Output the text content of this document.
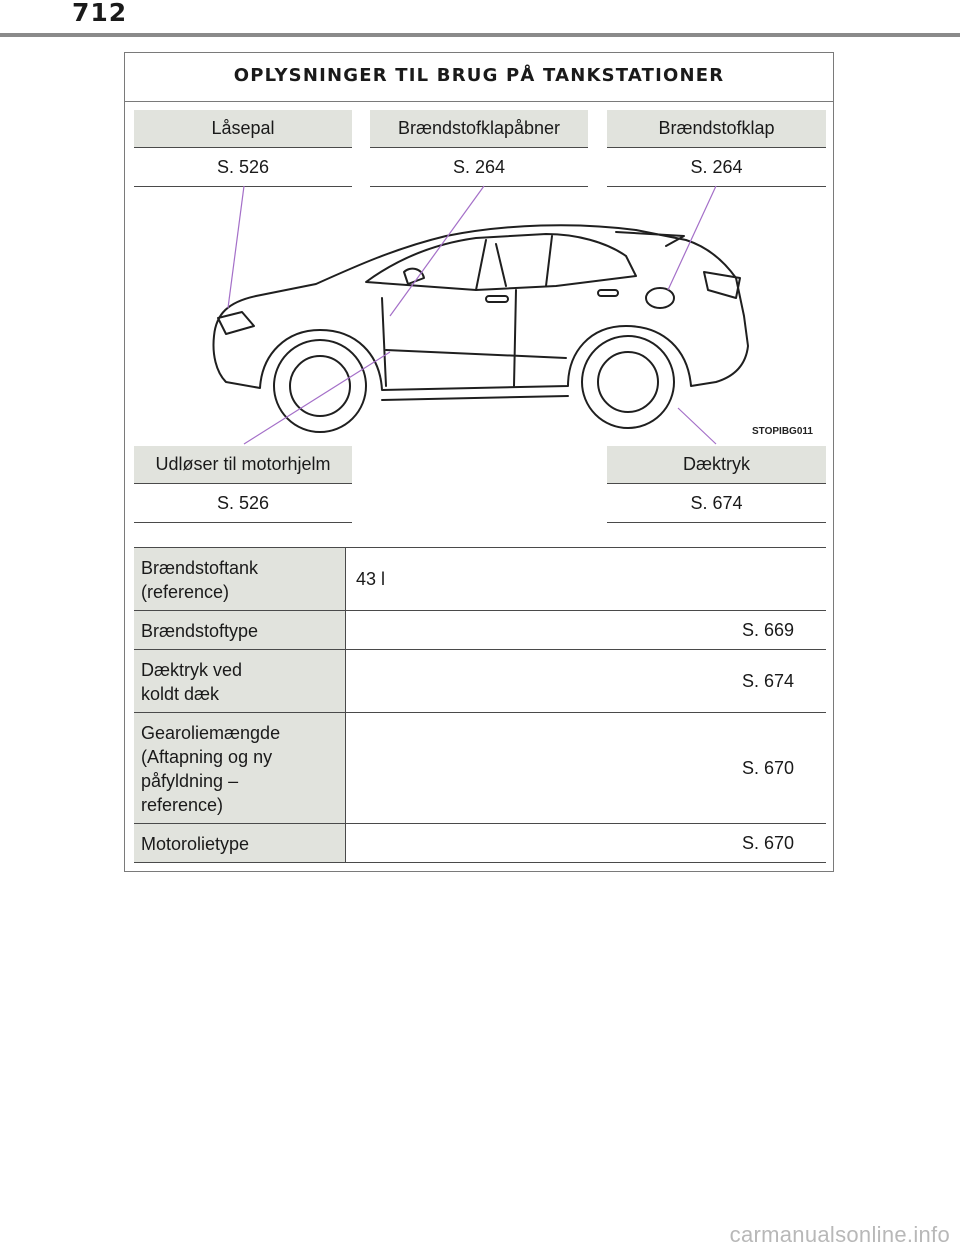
712
OPLYSNINGER TIL BRUG PÅ TANKSTATIONER
Låsepal
S. 526
Brændstofklapåbner
S. 264
Brændstofklap
S. 264
STOPIBG011
Udløser til motorhjelm
S. 526
Dæktryk
S. 674
Brændstoftank
(reference)
43 l
Brændstoftype	S. 669
Dæktryk ved
koldt dæk
S. 674
Gearoliemængde
(Aftapning og ny
påfyldning –
reference)
S. 670
Motorolietype	S. 670
carmanualsonline.info
